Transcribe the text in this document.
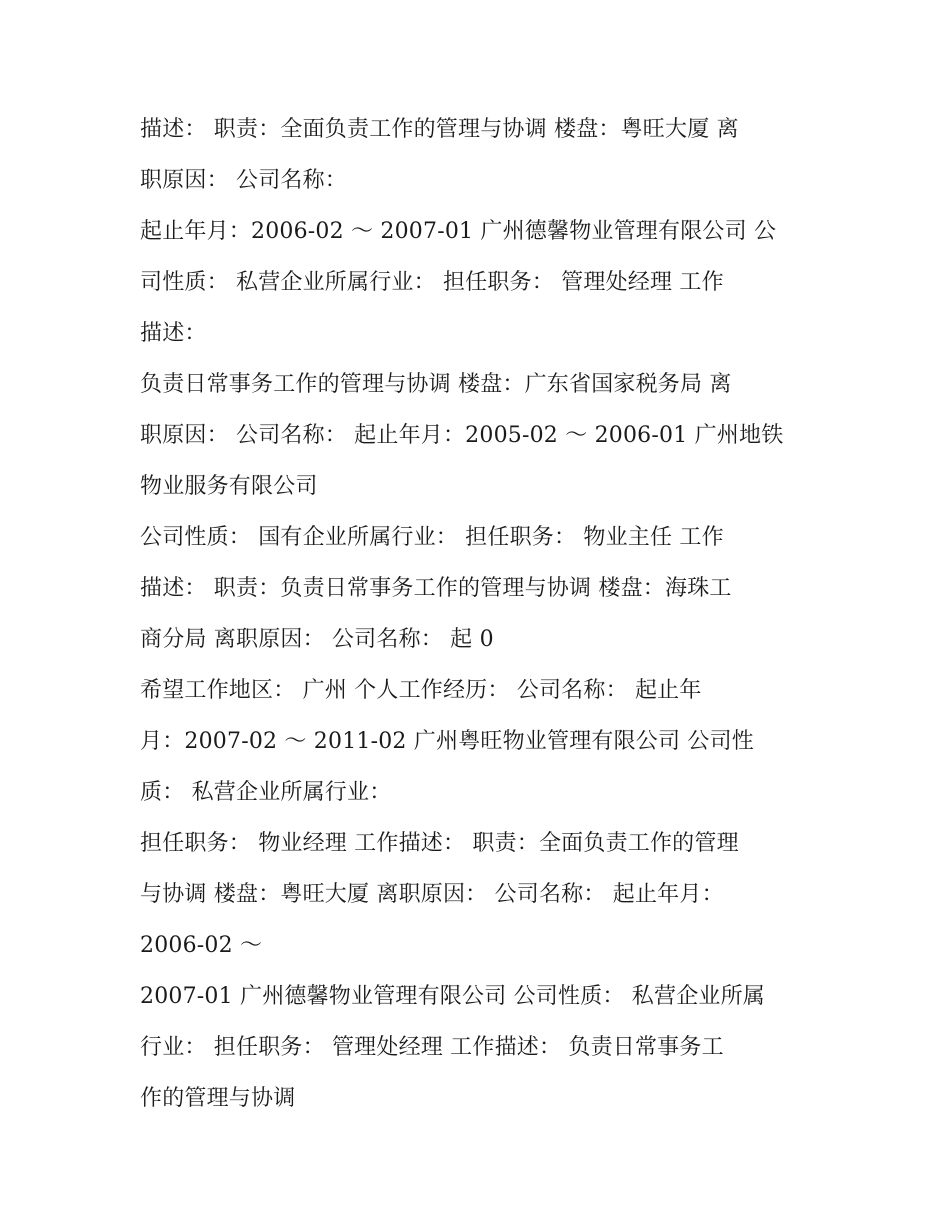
描述： 职责：全面负责工作的管理与协调 楼盘：粤旺大厦 离
职原因： 公司名称：
起止年月：2006-02 ～ 2007-01 广州德馨物业管理有限公司 公
司性质： 私营企业所属行业： 担任职务： 管理处经理 工作
描述：
负责日常事务工作的管理与协调 楼盘：广东省国家税务局 离
职原因： 公司名称： 起止年月：2005-02 ～ 2006-01 广州地铁
物业服务有限公司
公司性质： 国有企业所属行业： 担任职务： 物业主任 工作
描述： 职责：负责日常事务工作的管理与协调 楼盘：海珠工
商分局 离职原因： 公司名称： 起 0
希望工作地区： 广州 个人工作经历： 公司名称： 起止年
月：2007-02 ～ 2011-02 广州粤旺物业管理有限公司 公司性
质： 私营企业所属行业：
担任职务： 物业经理 工作描述： 职责：全面负责工作的管理
与协调 楼盘：粤旺大厦 离职原因： 公司名称： 起止年月：
2006-02 ～
2007-01 广州德馨物业管理有限公司 公司性质： 私营企业所属
行业： 担任职务： 管理处经理 工作描述： 负责日常事务工
作的管理与协调
